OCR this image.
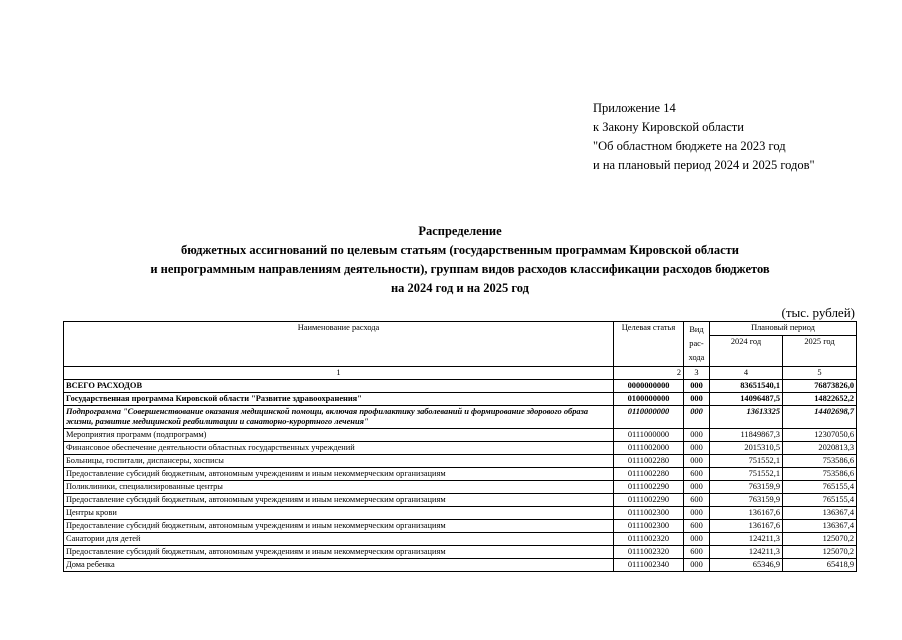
Приложение 14
к Закону Кировской области
"Об областном бюджете на 2023 год
и на плановый период 2024 и 2025 годов"
Распределение
бюджетных ассигнований по целевым статьям (государственным программам Кировской области
и непрограммным направлениям деятельности), группам видов расходов классификации расходов бюджетов
на 2024 год и на 2025 год
(тыс. рублей)
Наименование расхода	Целевая статья	Вид рас-хода	Плановый период	
			2024 год	2025 год
1	2	3	4	5
ВСЕГО РАСХОДОВ	0000000000	000	83651540,1	76873826,0
Государственная программа Кировской области "Развитие здравоохранения"	0100000000	000	14096487,5	14822652,2
Подпрограмма "Совершенствование оказания медицинской помощи, включая профилактику заболеваний и формирование здорового образа жизни, развитие медицинской реабилитации и санаторно-курортного лечения"	0110000000	000	13613325	14402698,7
Мероприятия программ (подпрограмм)	0111000000	000	11849867,3	12307050,6
Финансовое обеспечение деятельности областных государственных учреждений	0111002000	000	2015310,5	2020813,3
Больницы, госпитали, диспансеры, хосписы	0111002280	000	751552,1	753586,6
Предоставление субсидий бюджетным, автономным учреждениям и иным некоммерческим организациям	0111002280	600	751552,1	753586,6
Поликлиники, специализированные центры	0111002290	000	763159,9	765155,4
Предоставление субсидий бюджетным, автономным учреждениям и иным некоммерческим организациям	0111002290	600	763159,9	765155,4
Центры крови	0111002300	000	136167,6	136367,4
Предоставление субсидий бюджетным, автономным учреждениям и иным некоммерческим организациям	0111002300	600	136167,6	136367,4
Санатории для детей	0111002320	000	124211,3	125070,2
Предоставление субсидий бюджетным, автономным учреждениям и иным некоммерческим организациям	0111002320	600	124211,3	125070,2
Дома ребенка	0111002340	000	65346,9	65418,9
